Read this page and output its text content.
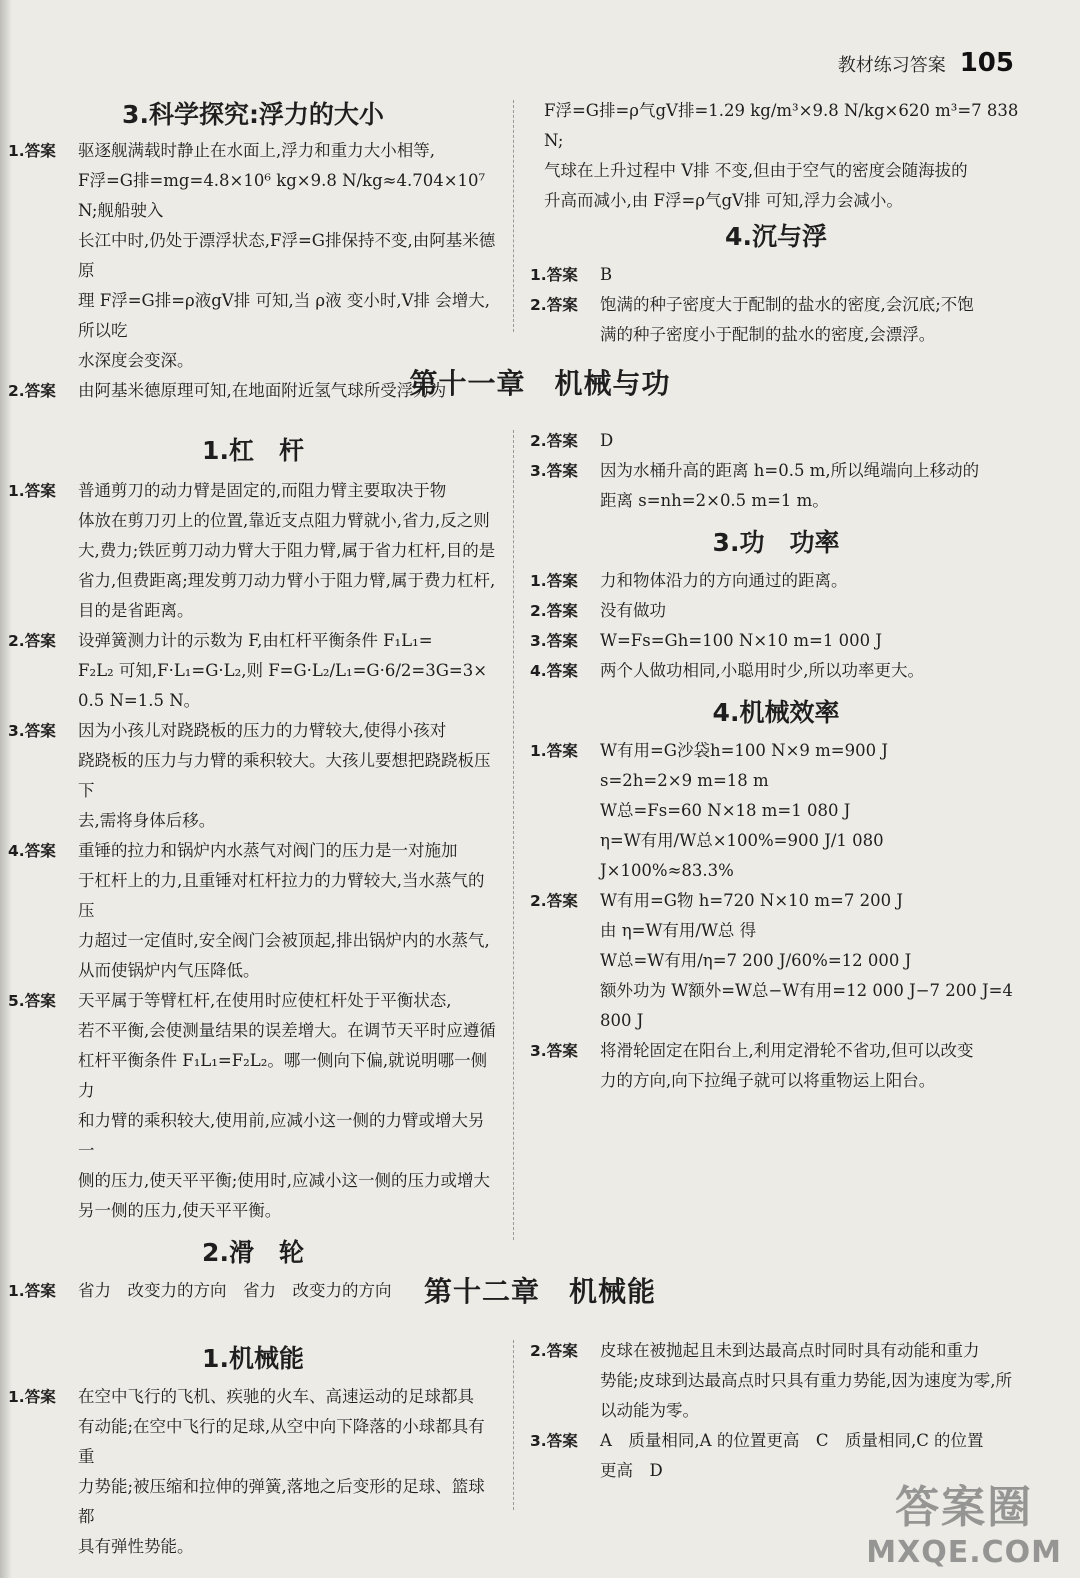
教材练习答案 105
3.科学探究:浮力的大小
1.答案	驱逐舰满载时静止在水面上,浮力和重力大小相等,

F浮=G排=mg=4.8×10⁶ kg×9.8 N/kg≈4.704×10⁷ N;舰船驶入

长江中时,仍处于漂浮状态,F浮=G排保持不变,由阿基米德原

理 F浮=G排=ρ液gV排 可知,当 ρ液 变小时,V排 会增大,所以吃

水深度会变深。

2.答案	由阿基米德原理可知,在地面附近氢气球所受浮力为

F浮=G排=ρ气gV排=1.29 kg/m³×9.8 N/kg×620 m³=7 838 N;
气球在上升过程中 V排 不变,但由于空气的密度会随海拔的
升高而减小,由 F浮=ρ气gV排 可知,浮力会减小。
4.沉与浮
1.答案	B

2.答案	饱满的种子密度大于配制的盐水的密度,会沉底;不饱

满的种子密度小于配制的盐水的密度,会漂浮。

第十一章　机械与功
1.杠　杆
1.答案	普通剪刀的动力臂是固定的,而阻力臂主要取决于物

体放在剪刀刃上的位置,靠近支点阻力臂就小,省力,反之则

大,费力;铁匠剪刀动力臂大于阻力臂,属于省力杠杆,目的是

省力,但费距离;理发剪刀动力臂小于阻力臂,属于费力杠杆,

目的是省距离。

2.答案	设弹簧测力计的示数为 F,由杠杆平衡条件 F₁L₁=

F₂L₂ 可知,F·L₁=G·L₂,则 F=G·L₂/L₁=G·6/2=3G=3×

0.5 N=1.5 N。

3.答案	因为小孩儿对跷跷板的压力的力臂较大,使得小孩对

跷跷板的压力与力臂的乘积较大。大孩儿要想把跷跷板压下

去,需将身体后移。

4.答案	重锤的拉力和锅炉内水蒸气对阀门的压力是一对施加

于杠杆上的力,且重锤对杠杆拉力的力臂较大,当水蒸气的压

力超过一定值时,安全阀门会被顶起,排出锅炉内的水蒸气,

从而使锅炉内气压降低。

5.答案	天平属于等臂杠杆,在使用时应使杠杆处于平衡状态,

若不平衡,会使测量结果的误差增大。在调节天平时应遵循

杠杆平衡条件 F₁L₁=F₂L₂。哪一侧向下偏,就说明哪一侧力

和力臂的乘积较大,使用前,应减小这一侧的力臂或增大另一

侧的压力,使天平平衡;使用时,应减小这一侧的压力或增大

另一侧的压力,使天平平衡。

2.滑　轮
1.答案	省力　改变力的方向　省力　改变力的方向

2.答案	D

3.答案	因为水桶升高的距离 h=0.5 m,所以绳端向上移动的

距离 s=nh=2×0.5 m=1 m。

3.功　功率
1.答案	力和物体沿力的方向通过的距离。

2.答案	没有做功

3.答案	W=Fs=Gh=100 N×10 m=1 000 J

4.答案	两个人做功相同,小聪用时少,所以功率更大。

4.机械效率
1.答案	W有用=G沙袋h=100 N×9 m=900 J

s=2h=2×9 m=18 m

W总=Fs=60 N×18 m=1 080 J

η=W有用/W总×100%=900 J/1 080 J×100%≈83.3%

2.答案	W有用=G物 h=720 N×10 m=7 200 J

由 η=W有用/W总 得

W总=W有用/η=7 200 J/60%=12 000 J

额外功为 W额外=W总−W有用=12 000 J−7 200 J=4 800 J

3.答案	将滑轮固定在阳台上,利用定滑轮不省功,但可以改变

力的方向,向下拉绳子就可以将重物运上阳台。

第十二章　机械能
1.机械能
1.答案	在空中飞行的飞机、疾驰的火车、高速运动的足球都具

有动能;在空中飞行的足球,从空中向下降落的小球都具有重

力势能;被压缩和拉伸的弹簧,落地之后变形的足球、篮球都

具有弹性势能。

2.答案	皮球在被抛起且未到达最高点时同时具有动能和重力

势能;皮球到达最高点时只具有重力势能,因为速度为零,所

以动能为零。

3.答案	A　质量相同,A 的位置更高　C　质量相同,C 的位置

更高　D

答案圈
MXQE.COM
